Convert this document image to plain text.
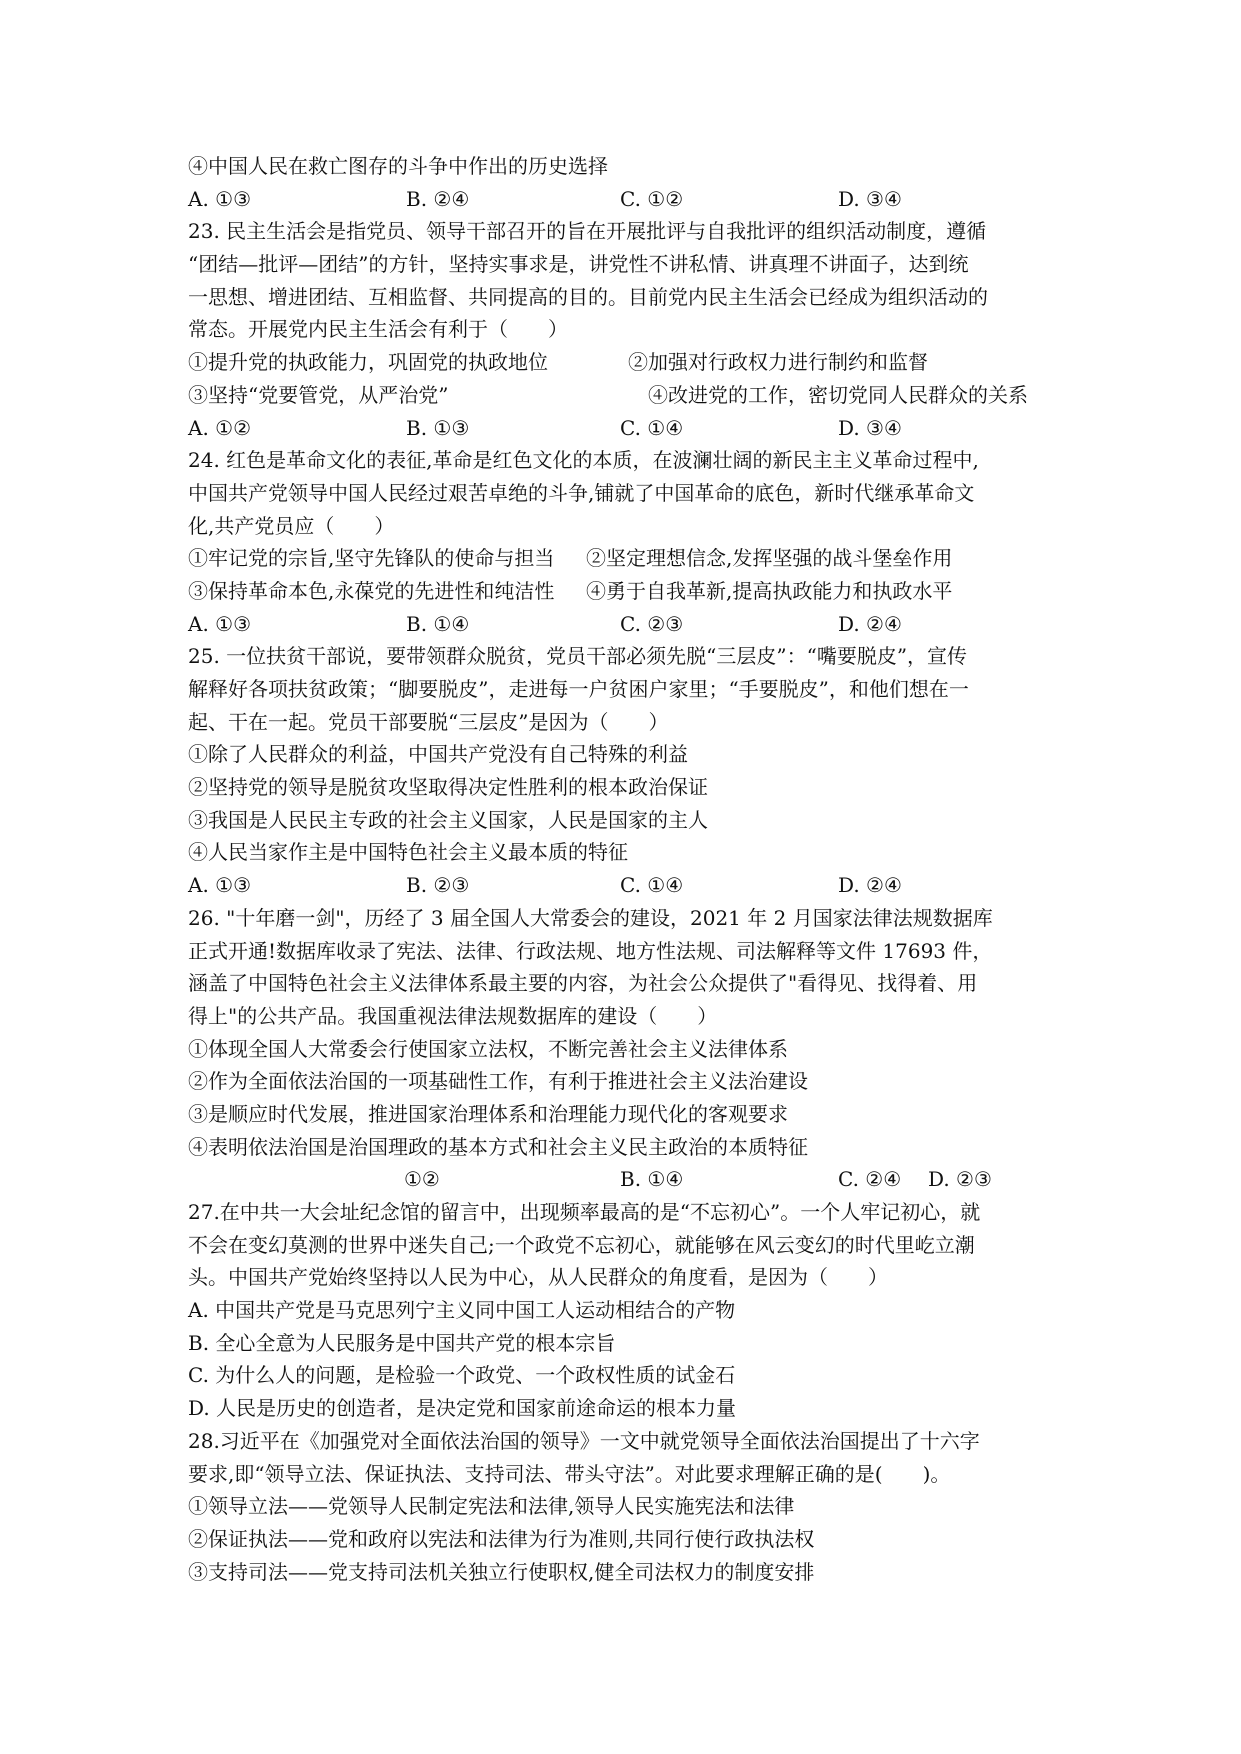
④中国人民在救亡图存的斗争中作出的历史选择
A. ①③	B. ②④	C. ①②	D. ③④
23. 民主生活会是指党员、领导干部召开的旨在开展批评与自我批评的组织活动制度，遵循
“团结—批评—团结”的方针，坚持实事求是，讲党性不讲私情、讲真理不讲面子，达到统
一思想、增进团结、互相监督、共同提高的目的。目前党内民主生活会已经成为组织活动的
常态。开展党内民主生活会有利于（　　）
①提升党的执政能力，巩固党的执政地位	②加强对行政权力进行制约和监督
③坚持“党要管党，从严治党”	④改进党的工作，密切党同人民群众的关系
A. ①②	B. ①③	C. ①④	D. ③④
24. 红色是革命文化的表征,革命是红色文化的本质，在波澜壮阔的新民主主义革命过程中,
中国共产党领导中国人民经过艰苦卓绝的斗争,铺就了中国革命的底色，新时代继承革命文
化,共产党员应（　　）
①牢记党的宗旨,坚守先锋队的使命与担当 ②坚定理想信念,发挥坚强的战斗堡垒作用
③保持革命本色,永葆党的先进性和纯洁性 ④勇于自我革新,提高执政能力和执政水平
A. ①③	B. ①④	C. ②③	D. ②④
25. 一位扶贫干部说，要带领群众脱贫，党员干部必须先脱“三层皮”：“嘴要脱皮”，宣传
解释好各项扶贫政策；“脚要脱皮”，走进每一户贫困户家里；“手要脱皮”，和他们想在一
起、干在一起。党员干部要脱“三层皮”是因为（　　）
①除了人民群众的利益，中国共产党没有自己特殊的利益
②坚持党的领导是脱贫攻坚取得决定性胜利的根本政治保证
③我国是人民民主专政的社会主义国家，人民是国家的主人
④人民当家作主是中国特色社会主义最本质的特征
A. ①③	B. ②③	C. ①④	D. ②④
26. "十年磨一剑"，历经了 3 届全国人大常委会的建设，2021 年 2 月国家法律法规数据库
正式开通!数据库收录了宪法、法律、行政法规、地方性法规、司法解释等文件 17693 件，
涵盖了中国特色社会主义法律体系最主要的内容，为社会公众提供了"看得见、找得着、用
得上"的公共产品。我国重视法律法规数据库的建设（　　）
①体现全国人大常委会行使国家立法权，不断完善社会主义法律体系
②作为全面依法治国的一项基础性工作，有利于推进社会主义法治建设
③是顺应时代发展，推进国家治理体系和治理能力现代化的客观要求
④表明依法治国是治国理政的基本方式和社会主义民主政治的本质特征
①②	B. ①④	C. ②④ D. ②③
27.在中共一大会址纪念馆的留言中，出现频率最高的是“不忘初心”。一个人牢记初心，就
不会在变幻莫测的世界中迷失自己;一个政党不忘初心，就能够在风云变幻的时代里屹立潮
头。中国共产党始终坚持以人民为中心，从人民群众的角度看，是因为（　　）
A. 中国共产党是马克思列宁主义同中国工人运动相结合的产物
B. 全心全意为人民服务是中国共产党的根本宗旨
C. 为什么人的问题，是检验一个政党、一个政权性质的试金石
D. 人民是历史的创造者，是决定党和国家前途命运的根本力量
28.习近平在《加强党对全面依法治国的领导》一文中就党领导全面依法治国提出了十六字
要求,即“领导立法、保证执法、支持司法、带头守法”。对此要求理解正确的是(　　)。
①领导立法——党领导人民制定宪法和法律,领导人民实施宪法和法律
②保证执法——党和政府以宪法和法律为行为准则,共同行使行政执法权
③支持司法——党支持司法机关独立行使职权,健全司法权力的制度安排
